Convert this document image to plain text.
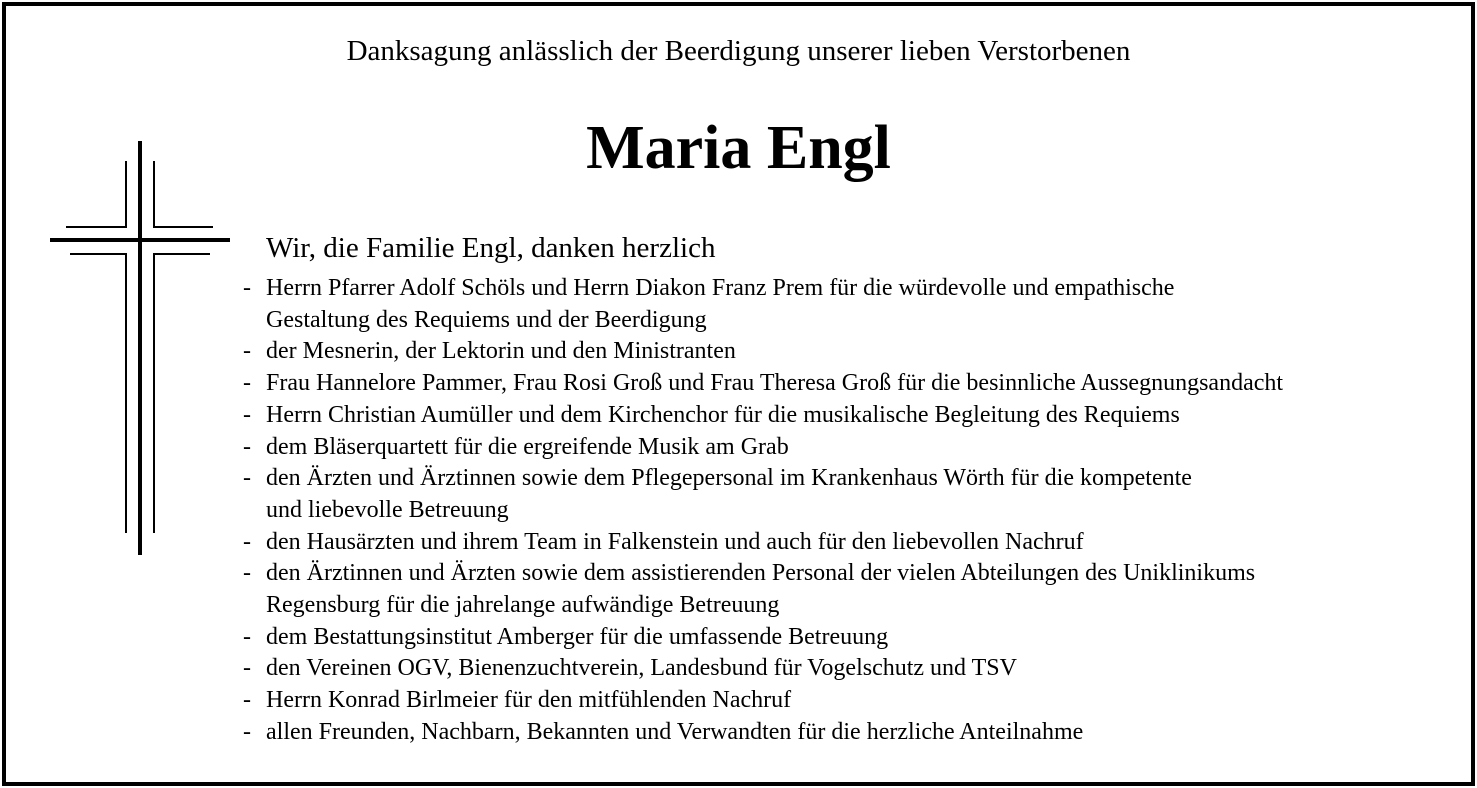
Danksagung anlässlich der Beerdigung unserer lieben Verstorbenen
Maria Engl
Wir, die Familie Engl, danken herzlich
- Herrn Pfarrer Adolf Schöls und Herrn Diakon Franz Prem für die würdevolle und empathische
Gestaltung des Requiems und der Beerdigung
- der Mesnerin, der Lektorin und den Ministranten
- Frau Hannelore Pammer, Frau Rosi Groß und Frau Theresa Groß für die besinnliche Aussegnungsandacht
- Herrn Christian Aumüller und dem Kirchenchor für die musikalische Begleitung des Requiems
- dem Bläserquartett für die ergreifende Musik am Grab
- den Ärzten und Ärztinnen sowie dem Pflegepersonal im Krankenhaus Wörth für die kompetente
und liebevolle Betreuung
- den Hausärzten und ihrem Team in Falkenstein und auch für den liebevollen Nachruf
- den Ärztinnen und Ärzten sowie dem assistierenden Personal der vielen Abteilungen des Uniklinikums
Regensburg für die jahrelange aufwändige Betreuung
- dem Bestattungsinstitut Amberger für die umfassende Betreuung
- den Vereinen OGV, Bienenzuchtverein, Landesbund für Vogelschutz und TSV
- Herrn Konrad Birlmeier für den mitfühlenden Nachruf
- allen Freunden, Nachbarn, Bekannten und Verwandten für die herzliche Anteilnahme
